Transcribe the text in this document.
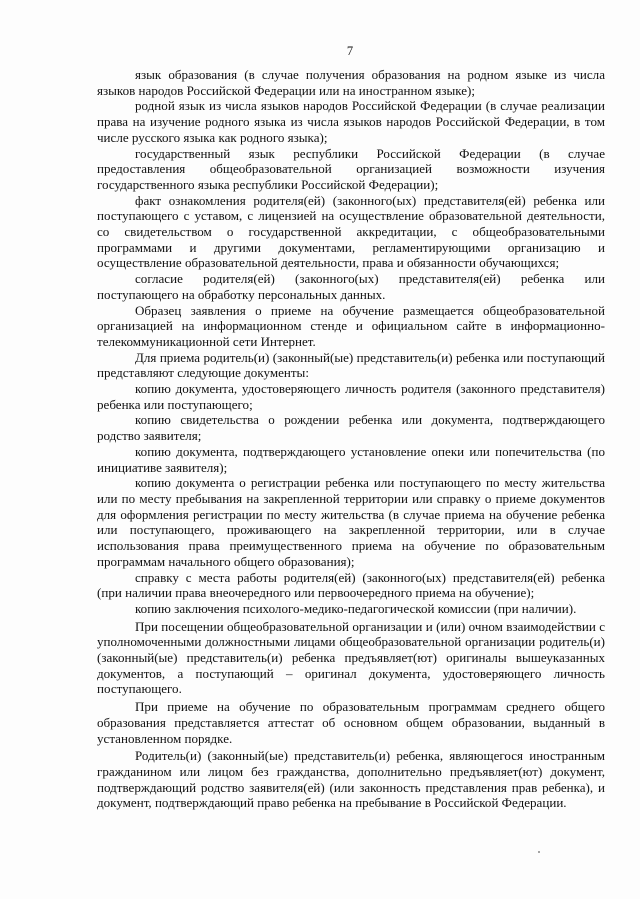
7

язык образования (в случае получения образования на родном языке из числа языков народов Российской Федерации или на иностранном языке);

родной язык из числа языков народов Российской Федерации (в случае реализации права на изучение родного языка из числа языков народов Российской Федерации, в том числе русского языка как родного языка);

государственный язык республики Российской Федерации (в случае предоставления общеобразовательной организацией возможности изучения государственного языка республики Российской Федерации);

факт ознакомления родителя(ей) (законного(ых) представителя(ей) ребенка или поступающего с уставом, с лицензией на осуществление образовательной деятельности, со свидетельством о государственной аккредитации, с общеобразовательными программами и другими документами, регламентирующими организацию и осуществление образовательной деятельности, права и обязанности обучающихся;

согласие родителя(ей) (законного(ых) представителя(ей) ребенка или поступающего на обработку персональных данных.

Образец заявления о приеме на обучение размещается общеобразовательной организацией на информационном стенде и официальном сайте в информационно-телекоммуникационной сети Интернет.

Для приема родитель(и) (законный(ые) представитель(и) ребенка или поступающий представляют следующие документы:

копию документа, удостоверяющего личность родителя (законного представителя) ребенка или поступающего;

копию свидетельства о рождении ребенка или документа, подтверждающего родство заявителя;

копию документа, подтверждающего установление опеки или попечительства (по инициативе заявителя);

копию документа о регистрации ребенка или поступающего по месту жительства или по месту пребывания на закрепленной территории или справку о приеме документов для оформления регистрации по месту жительства (в случае приема на обучение ребенка или поступающего, проживающего на закрепленной территории, или в случае использования права преимущественного приема на обучение по образовательным программам начального общего образования);

справку с места работы родителя(ей) (законного(ых) представителя(ей) ребенка (при наличии права внеочередного или первоочередного приема на обучение);

копию заключения психолого-медико-педагогической комиссии (при наличии).

При посещении общеобразовательной организации и (или) очном взаимодействии с уполномоченными должностными лицами общеобразовательной организации родитель(и) (законный(ые) представитель(и) ребенка предъявляет(ют) оригиналы вышеуказанных документов, а поступающий – оригинал документа, удостоверяющего личность поступающего.

При приеме на обучение по образовательным программам среднего общего образования представляется аттестат об основном общем образовании, выданный в установленном порядке.

Родитель(и) (законный(ые) представитель(и) ребенка, являющегося иностранным гражданином или лицом без гражданства, дополнительно предъявляет(ют) документ, подтверждающий родство заявителя(ей) (или законность представления прав ребенка), и документ, подтверждающий право ребенка на пребывание в Российской Федерации.
